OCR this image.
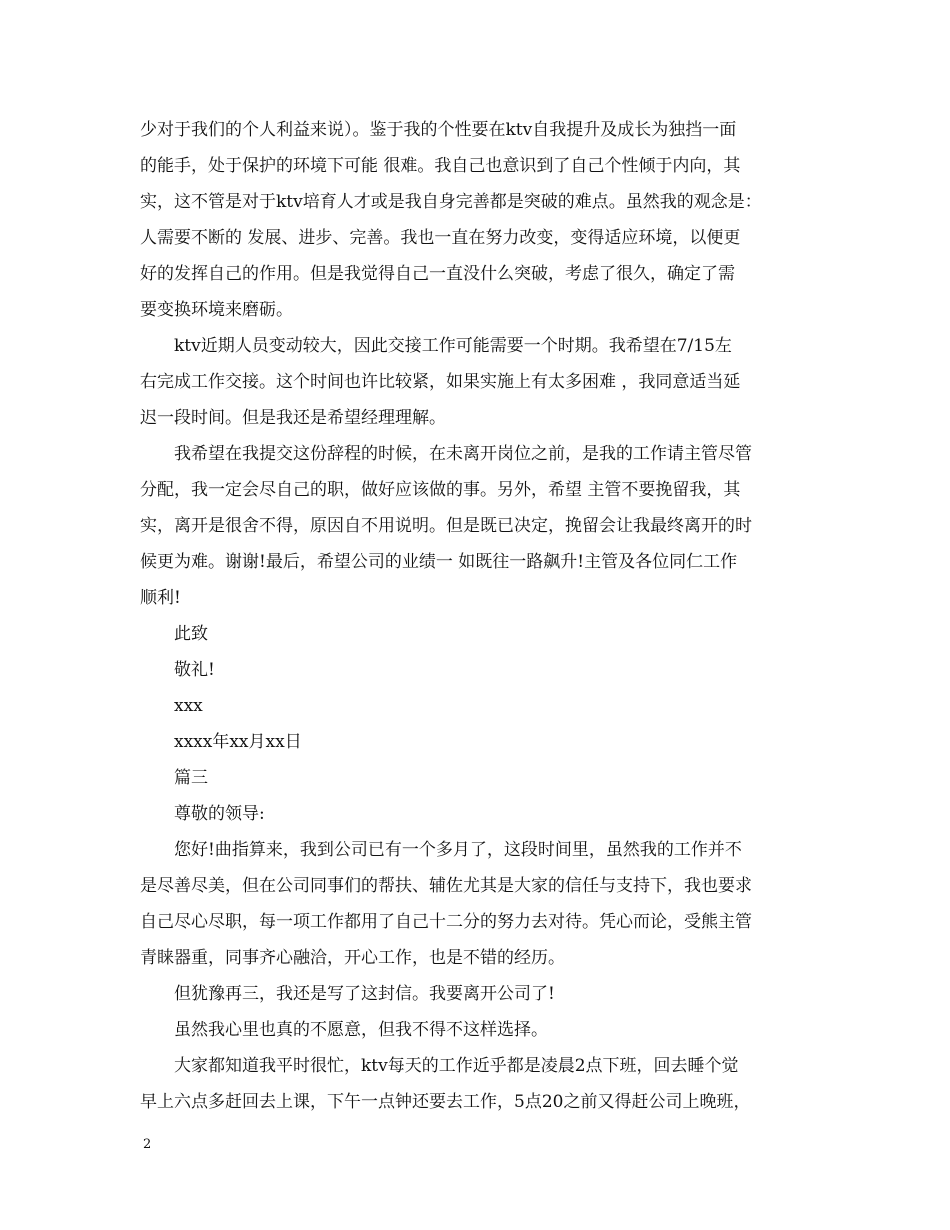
少对于我们的个人利益来说）。鉴于我的个性要在ktv自我提升及成长为独挡一面
的能手，处于保护的环境下可能 很难。我自己也意识到了自己个性倾于内向，其
实，这不管是对于ktv培育人才或是我自身完善都是突破的难点。虽然我的观念是：
人需要不断的 发展、进步、完善。我也一直在努力改变，变得适应环境，以便更
好的发挥自己的作用。但是我觉得自己一直没什么突破，考虑了很久，确定了需
要变换环境来磨砺。
ktv近期人员变动较大，因此交接工作可能需要一个时期。我希望在7/15左
右完成工作交接。这个时间也许比较紧，如果实施上有太多困难 ，我同意适当延
迟一段时间。但是我还是希望经理理解。
我希望在我提交这份辞程的时候，在未离开岗位之前，是我的工作请主管尽管
分配，我一定会尽自己的职，做好应该做的事。另外，希望 主管不要挽留我，其
实，离开是很舍不得，原因自不用说明。但是既已决定，挽留会让我最终离开的时
候更为难。谢谢!最后，希望公司的业绩一 如既往一路飙升!主管及各位同仁工作
顺利!
此致
敬礼!
xxx
xxxx年xx月xx日
篇三
尊敬的领导:
您好!曲指算来，我到公司已有一个多月了，这段时间里，虽然我的工作并不
是尽善尽美，但在公司同事们的帮扶、辅佐尤其是大家的信任与支持下，我也要求
自己尽心尽职，每一项工作都用了自己十二分的努力去对待。凭心而论，受熊主管
青睐器重，同事齐心融洽，开心工作，也是不错的经历。
但犹豫再三，我还是写了这封信。我要离开公司了!
虽然我心里也真的不愿意，但我不得不这样选择。
大家都知道我平时很忙，ktv每天的工作近乎都是凌晨2点下班，回去睡个觉
早上六点多赶回去上课，下午一点钟还要去工作，5点20之前又得赶公司上晚班，
2
